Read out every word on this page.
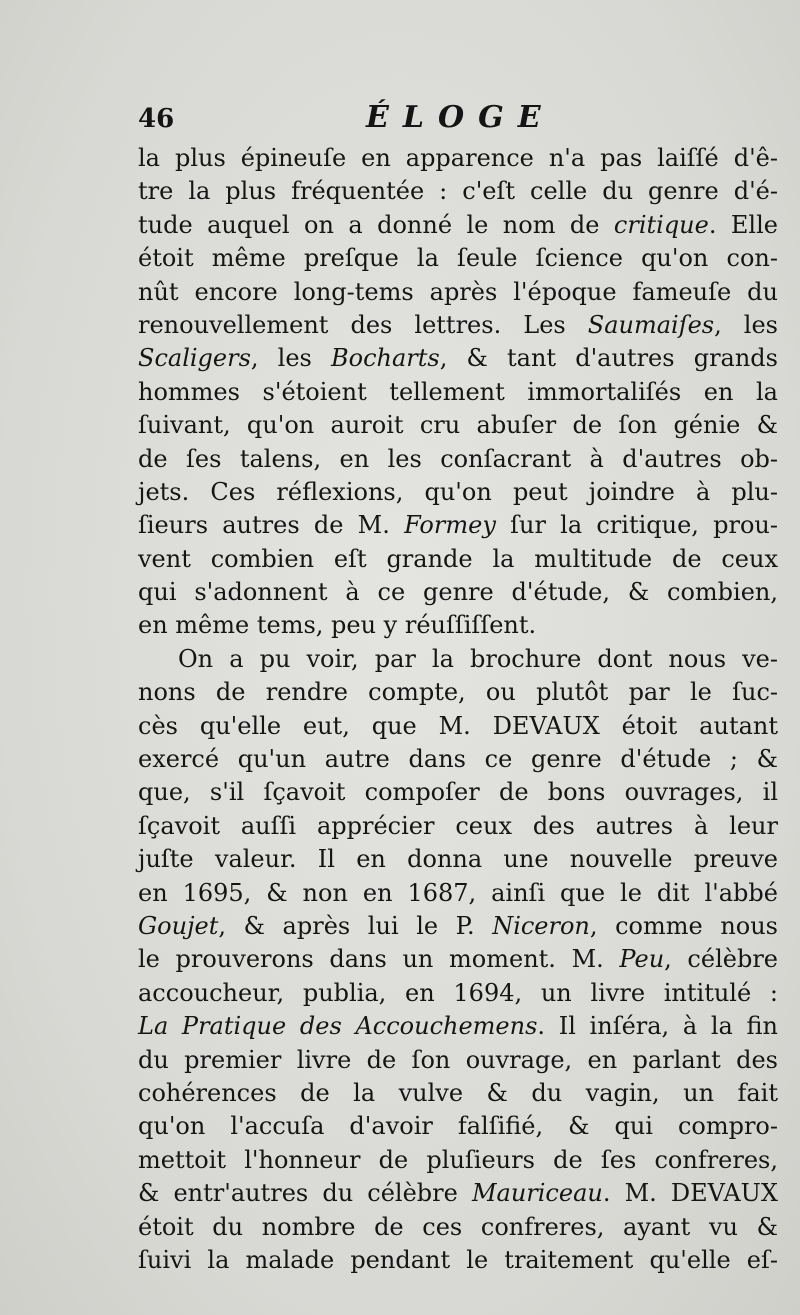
46	ÉLOGE
la plus épineuſe en apparence n'a pas laiſſé d'ê-
tre la plus fréquentée : c'eſt celle du genre d'é-
tude auquel on a donné le nom de critique. Elle
étoit même preſque la ſeule ſcience qu'on con-
nût encore long-tems après l'époque fameuſe du
renouvellement des lettres. Les Saumaiſes, les
Scaligers, les Bocharts, & tant d'autres grands
hommes s'étoient tellement immortaliſés en la
ſuivant, qu'on auroit cru abuſer de ſon génie &
de ſes talens, en les conſacrant à d'autres ob-
jets. Ces réflexions, qu'on peut joindre à plu-
ſieurs autres de M. Formey ſur la critique, prou-
vent combien eſt grande la multitude de ceux
qui s'adonnent à ce genre d'étude, & combien,
en même tems, peu y réuſſiſſent.
On a pu voir, par la brochure dont nous ve-
nons de rendre compte, ou plutôt par le ſuc-
cès qu'elle eut, que M. DEVAUX étoit autant
exercé qu'un autre dans ce genre d'étude ; &
que, s'il ſçavoit compoſer de bons ouvrages, il
ſçavoit auſſi apprécier ceux des autres à leur
juſte valeur. Il en donna une nouvelle preuve
en 1695, & non en 1687, ainſi que le dit l'abbé
Goujet, & après lui le P. Niceron, comme nous
le prouverons dans un moment. M. Peu, célèbre
accoucheur, publia, en 1694, un livre intitulé :
La Pratique des Accouchemens. Il inſéra, à la fin
du premier livre de ſon ouvrage, en parlant des
cohérences de la vulve & du vagin, un fait
qu'on l'accuſa d'avoir falſifié, & qui compro-
mettoit l'honneur de pluſieurs de ſes confreres,
& entr'autres du célèbre Mauriceau. M. DEVAUX
étoit du nombre de ces confreres, ayant vu &
ſuivi la malade pendant le traitement qu'elle eſ-
